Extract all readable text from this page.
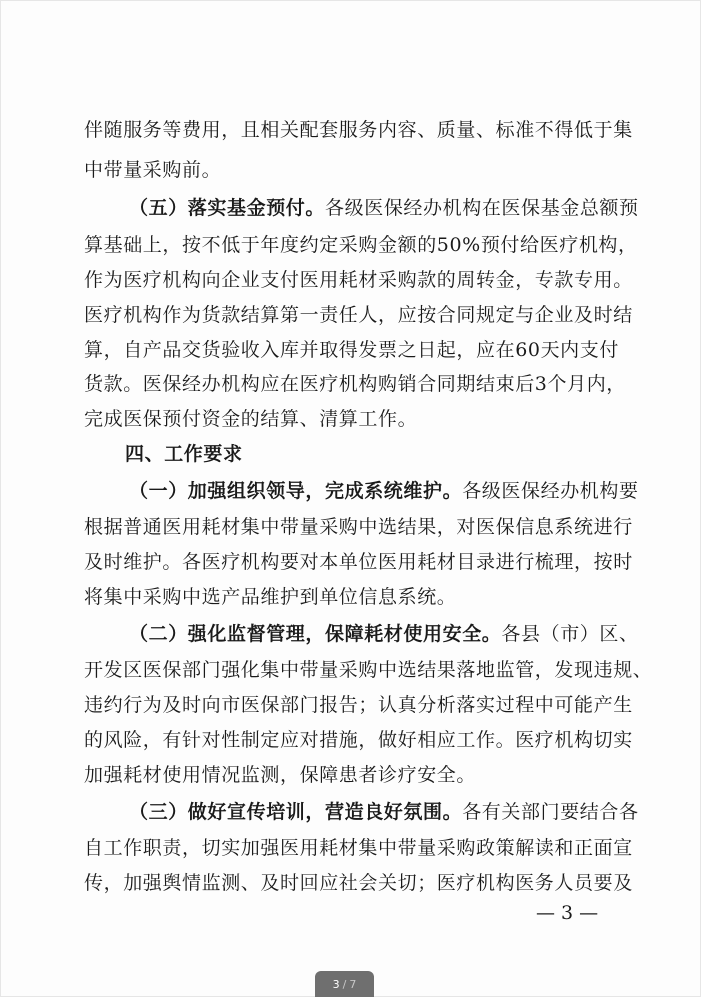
伴随服务等费用，且相关配套服务内容、质量、标准不得低于集
中带量采购前。
（五）落实基金预付。各级医保经办机构在医保基金总额预
算基础上，按不低于年度约定采购金额的50%预付给医疗机构，
作为医疗机构向企业支付医用耗材采购款的周转金，专款专用。
医疗机构作为货款结算第一责任人，应按合同规定与企业及时结
算，自产品交货验收入库并取得发票之日起，应在60天内支付
货款。医保经办机构应在医疗机构购销合同期结束后3个月内，
完成医保预付资金的结算、清算工作。
四、工作要求
（一）加强组织领导，完成系统维护。各级医保经办机构要
根据普通医用耗材集中带量采购中选结果，对医保信息系统进行
及时维护。各医疗机构要对本单位医用耗材目录进行梳理，按时
将集中采购中选产品维护到单位信息系统。
（二）强化监督管理，保障耗材使用安全。各县（市）区、
开发区医保部门强化集中带量采购中选结果落地监管，发现违规、
违约行为及时向市医保部门报告；认真分析落实过程中可能产生
的风险，有针对性制定应对措施，做好相应工作。医疗机构切实
加强耗材使用情况监测，保障患者诊疗安全。
（三）做好宣传培训，营造良好氛围。各有关部门要结合各
自工作职责，切实加强医用耗材集中带量采购政策解读和正面宣
传，加强舆情监测、及时回应社会关切；医疗机构医务人员要及
— 3 —
3 / 7
